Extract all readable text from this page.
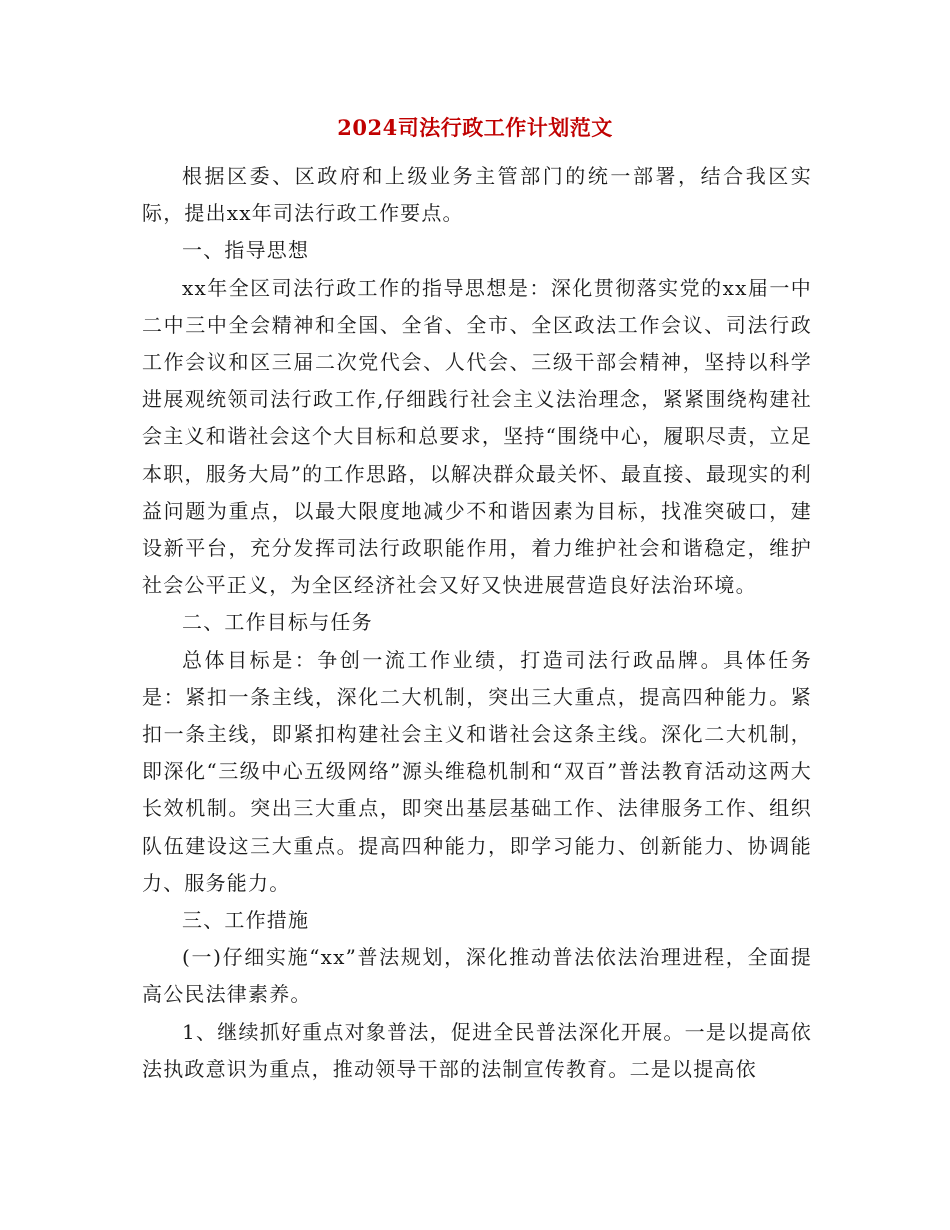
2024司法行政工作计划范文

根据区委、区政府和上级业务主管部门的统一部署，结合我区实际，提出xx年司法行政工作要点。

一、指导思想

xx年全区司法行政工作的指导思想是：深化贯彻落实党的xx届一中二中三中全会精神和全国、全省、全市、全区政法工作会议、司法行政工作会议和区三届二次党代会、人代会、三级干部会精神，坚持以科学进展观统领司法行政工作,仔细践行社会主义法治理念，紧紧围绕构建社会主义和谐社会这个大目标和总要求，坚持“围绕中心，履职尽责，立足本职，服务大局”的工作思路，以解决群众最关怀、最直接、最现实的利益问题为重点，以最大限度地减少不和谐因素为目标，找准突破口，建设新平台，充分发挥司法行政职能作用，着力维护社会和谐稳定，维护社会公平正义，为全区经济社会又好又快进展营造良好法治环境。

二、工作目标与任务

总体目标是：争创一流工作业绩，打造司法行政品牌。具体任务是：紧扣一条主线，深化二大机制，突出三大重点，提高四种能力。紧扣一条主线，即紧扣构建社会主义和谐社会这条主线。深化二大机制，即深化“三级中心五级网络”源头维稳机制和“双百”普法教育活动这两大长效机制。突出三大重点，即突出基层基础工作、法律服务工作、组织队伍建设这三大重点。提高四种能力，即学习能力、创新能力、协调能力、服务能力。

三、工作措施

(一)仔细实施“xx”普法规划，深化推动普法依法治理进程，全面提高公民法律素养。

1、继续抓好重点对象普法，促进全民普法深化开展。一是以提高依法执政意识为重点，推动领导干部的法制宣传教育。二是以提高依
